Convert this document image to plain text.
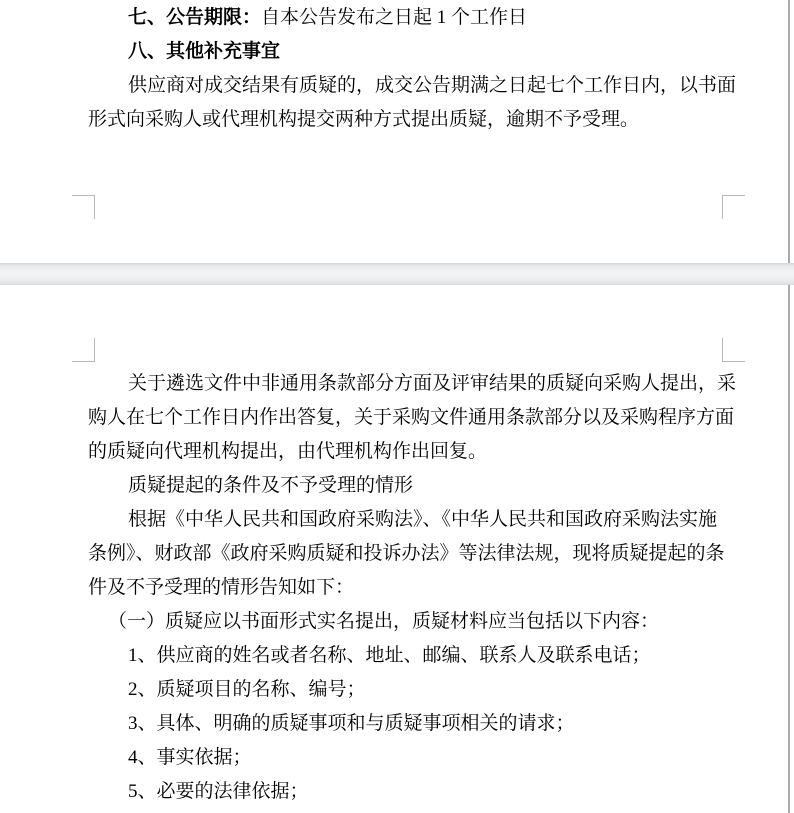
七、公告期限：自本公告发布之日起 1 个工作日
八、其他补充事宜
供应商对成交结果有质疑的，成交公告期满之日起七个工作日内，以书面
形式向采购人或代理机构提交两种方式提出质疑，逾期不予受理。
关于遴选文件中非通用条款部分方面及评审结果的质疑向采购人提出，采
购人在七个工作日内作出答复，关于采购文件通用条款部分以及采购程序方面
的质疑向代理机构提出，由代理机构作出回复。
质疑提起的条件及不予受理的情形
根据《中华人民共和国政府采购法》、《中华人民共和国政府采购法实施
条例》、财政部《政府采购质疑和投诉办法》等法律法规，现将质疑提起的条
件及不予受理的情形告知如下：
（一）质疑应以书面形式实名提出，质疑材料应当包括以下内容：
1、供应商的姓名或者名称、地址、邮编、联系人及联系电话；
2、质疑项目的名称、编号；
3、具体、明确的质疑事项和与质疑事项相关的请求；
4、事实依据；
5、必要的法律依据；
